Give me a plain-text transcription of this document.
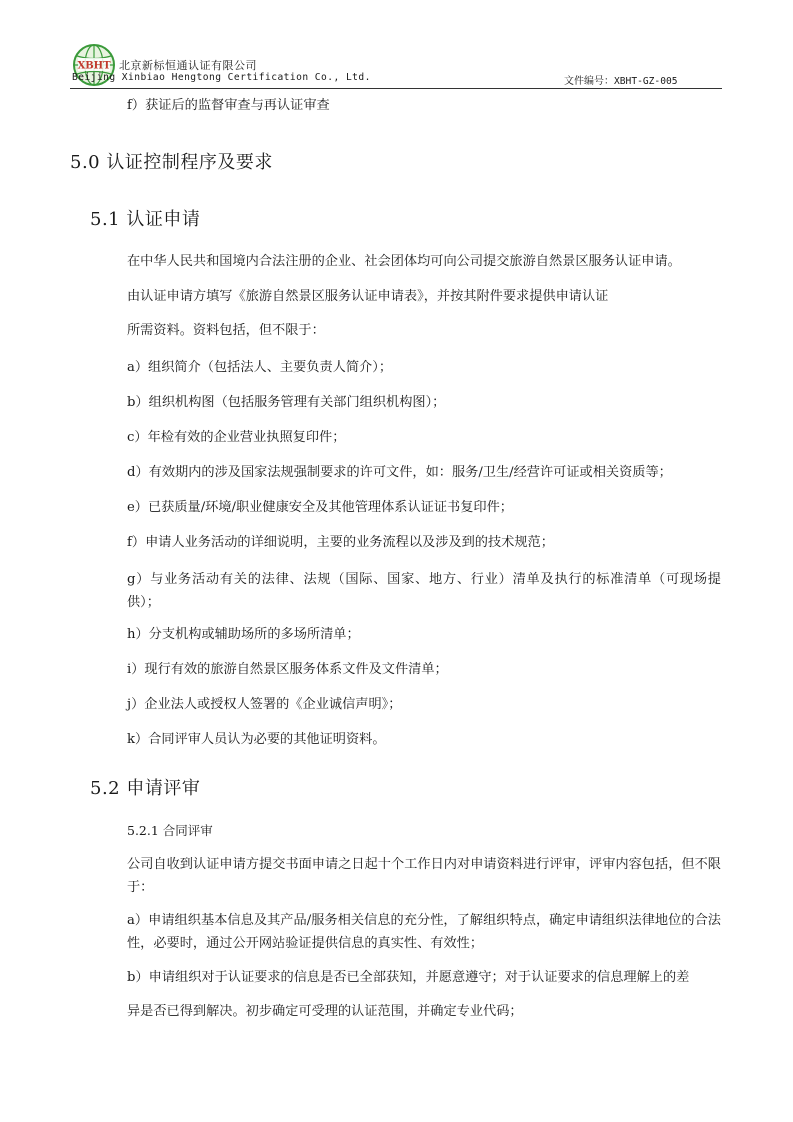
XBHT 北京新标恒通认证有限公司
Beijing Xinbiao Hengtong Certification Co., Ltd.	文件编号：XBHT-GZ-005
f）获证后的监督审查与再认证审查
5.0 认证控制程序及要求
5.1 认证申请
在中华人民共和国境内合法注册的企业、社会团体均可向公司提交旅游自然景区服务认证申请。
由认证申请方填写《旅游自然景区服务认证申请表》，并按其附件要求提供申请认证
所需资料。资料包括，但不限于：
a）组织简介（包括法人、主要负责人简介）；
b）组织机构图（包括服务管理有关部门组织机构图）；
c）年检有效的企业营业执照复印件；
d）有效期内的涉及国家法规强制要求的许可文件，如：服务/卫生/经营许可证或相关资质等；
e）已获质量/环境/职业健康安全及其他管理体系认证证书复印件；
f）申请人业务活动的详细说明，主要的业务流程以及涉及到的技术规范；
g）与业务活动有关的法律、法规（国际、国家、地方、行业）清单及执行的标准清单（可现场提供）；
h）分支机构或辅助场所的多场所清单；
i）现行有效的旅游自然景区服务体系文件及文件清单；
j）企业法人或授权人签署的《企业诚信声明》；
k）合同评审人员认为必要的其他证明资料。
5.2 申请评审
5.2.1 合同评审
公司自收到认证申请方提交书面申请之日起十个工作日内对申请资料进行评审，评审内容包括，但不限于：
a）申请组织基本信息及其产品/服务相关信息的充分性，了解组织特点，确定申请组织法律地位的合法性，必要时，通过公开网站验证提供信息的真实性、有效性；
b）申请组织对于认证要求的信息是否已全部获知，并愿意遵守；对于认证要求的信息理解上的差
异是否已得到解决。初步确定可受理的认证范围，并确定专业代码；
